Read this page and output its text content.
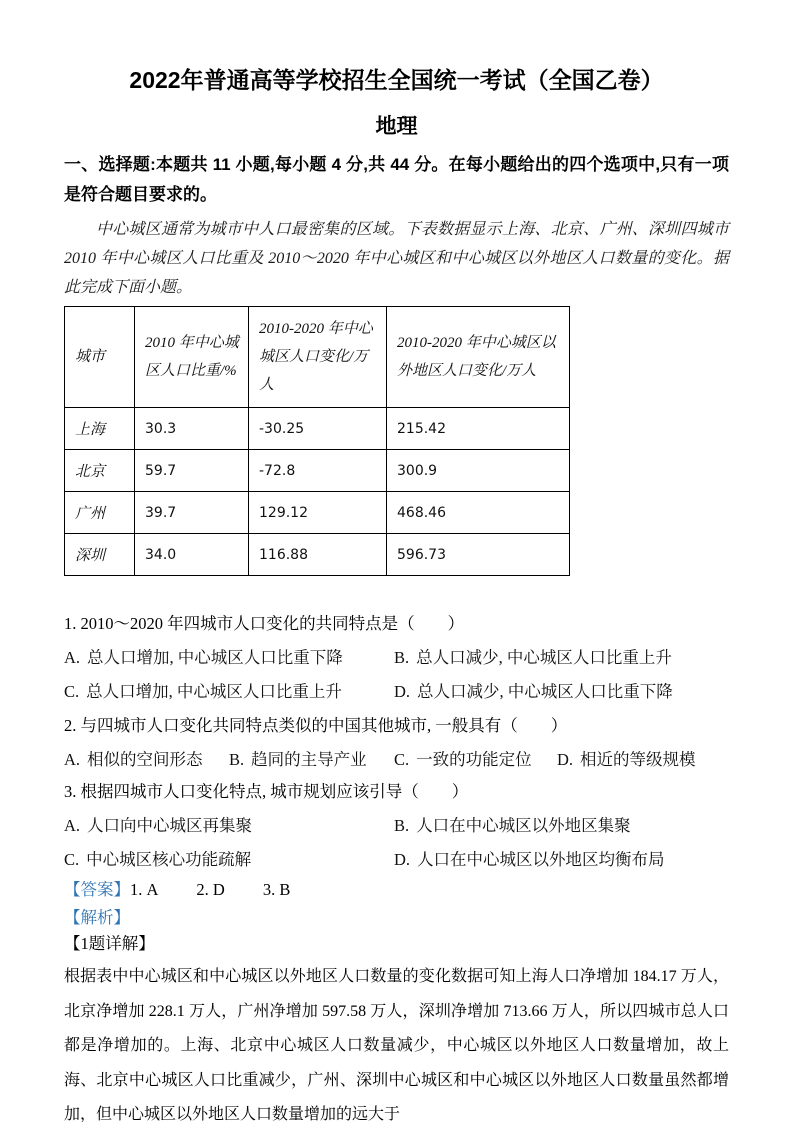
2022年普通高等学校招生全国统一考试（全国乙卷）
地理
一、选择题:本题共 11 小题,每小题 4 分,共 44 分。在每小题给出的四个选项中,只有一项是符合题目要求的。
中心城区通常为城市中人口最密集的区域。下表数据显示上海、北京、广州、深圳四城市 2010 年中心城区人口比重及 2010～2020 年中心城区和中心城区以外地区人口数量的变化。据此完成下面小题。
城市	2010 年中心城区人口比重/%	2010-2020 年中心城区人口变化/万人	2010-2020 年中心城区以外地区人口变化/万人
上海	30.3	-30.25	215.42
北京	59.7	-72.8	300.9
广州	39.7	129.12	468.46
深圳	34.0	116.88	596.73
1. 2010～2020 年四城市人口变化的共同特点是（　　）
A. 总人口增加, 中心城区人口比重下降	B. 总人口减少, 中心城区人口比重上升
C. 总人口增加, 中心城区人口比重上升	D. 总人口减少, 中心城区人口比重下降
2. 与四城市人口变化共同特点类似的中国其他城市, 一般具有（　　）
A. 相似的空间形态	B. 趋同的主导产业	C. 一致的功能定位	D. 相近的等级规模
3. 根据四城市人口变化特点, 城市规划应该引导（　　）
A. 人口向中心城区再集聚	B. 人口在中心城区以外地区集聚
C. 中心城区核心功能疏解	D. 人口在中心城区以外地区均衡布局
【答案】1. A 2. D 3. B
【解析】
【1题详解】
根据表中中心城区和中心城区以外地区人口数量的变化数据可知上海人口净增加 184.17 万人，北京净增加 228.1 万人，广州净增加 597.58 万人，深圳净增加 713.66 万人，所以四城市总人口都是净增加的。上海、北京中心城区人口数量减少，中心城区以外地区人口数量增加，故上海、北京中心城区人口比重减少，广州、深圳中心城区和中心城区以外地区人口数量虽然都增加，但中心城区以外地区人口数量增加的远大于
